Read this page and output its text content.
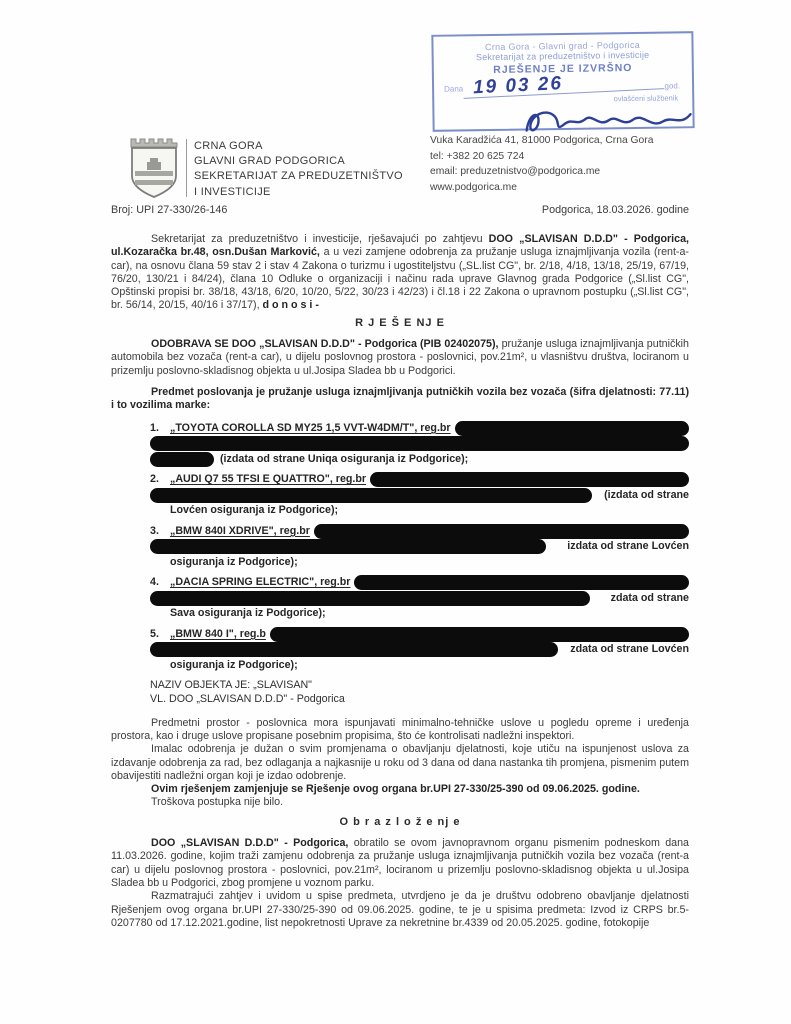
Crna Gora - Glavni grad - Podgorica
Sekretarijat za preduzetništvo i investicije
RJEŠENJE JE IZVRŠNO
Dana 19 03 26	god.
ovlašćeni službenik
CRNA GORA
GLAVNI GRAD PODGORICA
SEKRETARIJAT ZA PREDUZETNIŠTVO
I INVESTICIJE
Vuka Karadžića 41, 81000 Podgorica, Crna Gora
tel: +382 20 625 724
email: preduzetnistvo@podgorica.me
www.podgorica.me
Broj: UPI 27-330/26-146	Podgorica, 18.03.2026. godine

Sekretarijat za preduzetništvo i investicije, rješavajući po zahtjevu DOO „SLAVISAN D.D.D" - Podgorica, ul.Kozaračka br.48, osn.Dušan Marković, a u vezi zamjene odobrenja za pružanje usluga iznajmljivanja vozila (rent-a-car), na osnovu člana 59 stav 2 i stav 4 Zakona o turizmu i ugostiteljstvu („SL.list CG", br. 2/18, 4/18, 13/18, 25/19, 67/19, 76/20, 130/21 i 84/24), člana 10 Odluke o organizaciji i načinu rada uprave Glavnog grada Podgorice („Sl.list CG", Opštinski propisi br. 38/18, 43/18, 6/20, 10/20, 5/22, 30/23 i 42/23) i čl.18 i 22 Zakona o upravnom postupku („Sl.list CG", br. 56/14, 20/15, 40/16 i 37/17), d o n o s i -

R J E Š E NJ E

ODOBRAVA SE DOO „SLAVISAN D.D.D" - Podgorica (PIB 02402075), pružanje usluga iznajmljivanja putničkih automobila bez vozača (rent-a car), u dijelu poslovnog prostora - poslovnici, pov.21m², u vlasništvu društva, lociranom u prizemlju poslovno-skladisnog objekta u ul.Josipa Sladea bb u Podgorici.

Predmet poslovanja je pružanje usluga iznajmljivanja putničkih vozila bez vozača (šifra djelatnosti: 77.11) i to vozilima marke:

1.	„TOYOTA COROLLA SD MY25 1,5 VVT-W4DM/T", reg.br
(izdata od strane Uniqa osiguranja iz Podgorice);
2.	„AUDI Q7 55 TFSI E QUATTRO", reg.br
(izdata od strane
Lovćen osiguranja iz Podgorice);
3.	„BMW 840I XDRIVE", reg.br
izdata od strane Lovćen
osiguranja iz Podgorice);
4.	„DACIA SPRING ELECTRIC", reg.br
zdata od strane
Sava osiguranja iz Podgorice);
5.	„BMW 840 I", reg.b
zdata od strane Lovćen
osiguranja iz Podgorice);
NAZIV OBJEKTA JE: „SLAVISAN"
VL. DOO „SLAVISAN D.D.D" - Podgorica

Predmetni prostor - poslovnica mora ispunjavati minimalno-tehničke uslove u pogledu opreme i uređenja prostora, kao i druge uslove propisane posebnim propisima, što će kontrolisati nadležni inspektori.

Imalac odobrenja je dužan o svim promjenama o obavljanju djelatnosti, koje utiču na ispunjenost uslova za izdavanje odobrenja za rad, bez odlaganja a najkasnije u roku od 3 dana od dana nastanka tih promjena, pismenim putem obavijestiti nadležni organ koji je izdao odobrenje.

Ovim rješenjem zamjenjuje se Rješenje ovog organa br.UPI 27-330/25-390 od 09.06.2025. godine.

Troškova postupka nije bilo.

O b r a z l o ž e nj e

DOO „SLAVISAN D.D.D" - Podgorica, obratilo se ovom javnopravnom organu pismenim podneskom dana 11.03.2026. godine, kojim traži zamjenu odobrenja za pružanje usluga iznajmljivanja putničkih vozila bez vozača (rent-a car) u dijelu poslovnog prostora - poslovnici, pov.21m², lociranom u prizemlju poslovno-skladisnog objekta u ul.Josipa Sladea bb u Podgorici, zbog promjene u voznom parku.

Razmatrajući zahtjev i uvidom u spise predmeta, utvrdjeno je da je društvu odobreno obavljanje djelatnosti Rješenjem ovog organa br.UPI 27-330/25-390 od 09.06.2025. godine, te je u spisima predmeta: Izvod iz CRPS br.5-0207780 od 17.12.2021.godine, list nepokretnosti Uprave za nekretnine br.4339 od 20.05.2025. godine, fotokopije
